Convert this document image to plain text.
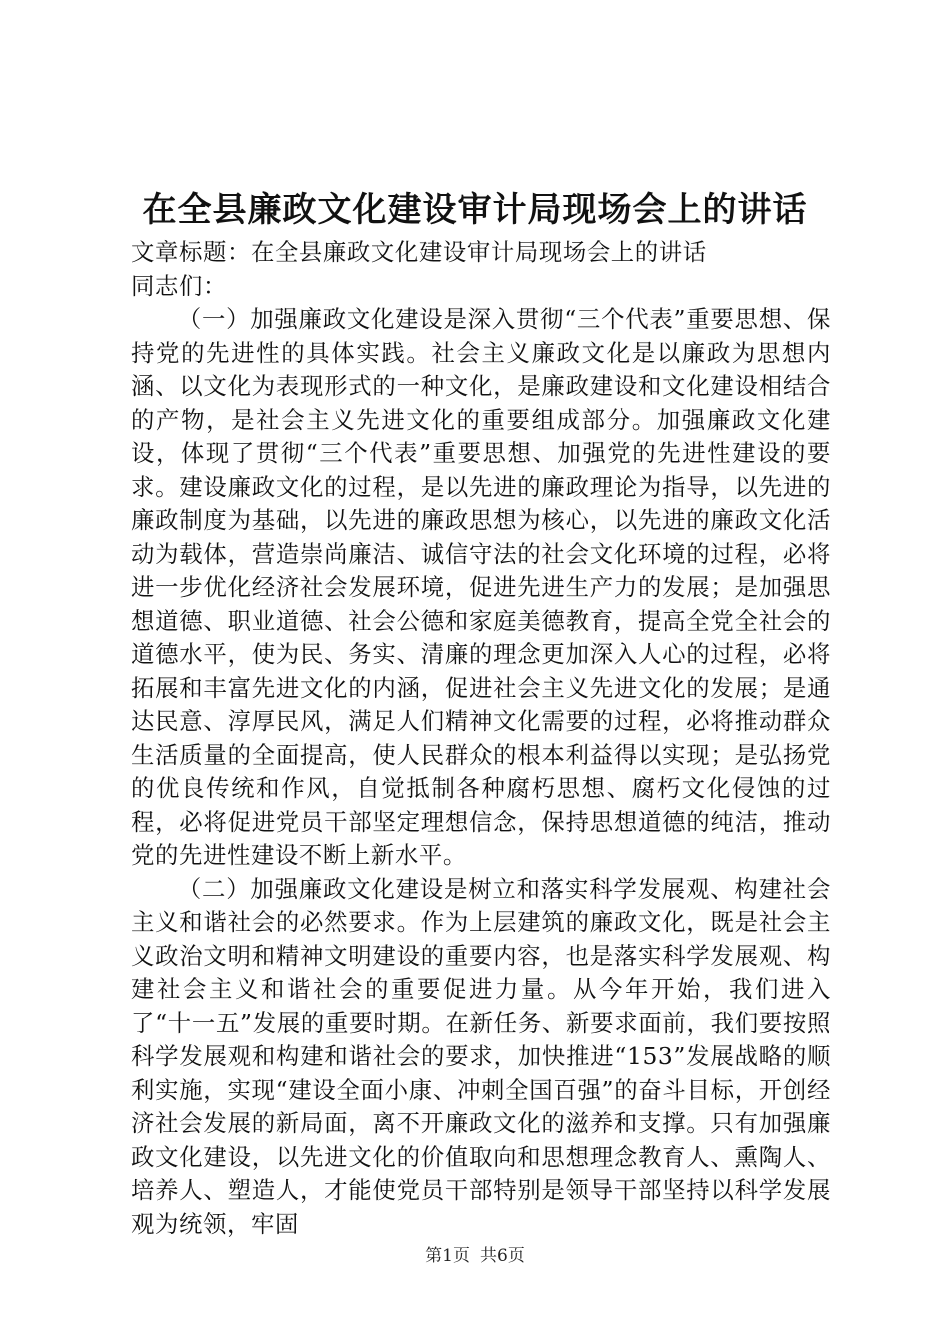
在全县廉政文化建设审计局现场会上的讲话

文章标题：在全县廉政文化建设审计局现场会上的讲话

同志们：

（一）加强廉政文化建设是深入贯彻“三个代表”重要思想、保持党的先进性的具体实践。社会主义廉政文化是以廉政为思想内涵、以文化为表现形式的一种文化，是廉政建设和文化建设相结合的产物，是社会主义先进文化的重要组成部分。加强廉政文化建设，体现了贯彻“三个代表”重要思想、加强党的先进性建设的要求。建设廉政文化的过程，是以先进的廉政理论为指导，以先进的廉政制度为基础，以先进的廉政思想为核心，以先进的廉政文化活动为载体，营造崇尚廉洁、诚信守法的社会文化环境的过程，必将进一步优化经济社会发展环境，促进先进生产力的发展；是加强思想道德、职业道德、社会公德和家庭美德教育，提高全党全社会的道德水平，使为民、务实、清廉的理念更加深入人心的过程，必将拓展和丰富先进文化的内涵，促进社会主义先进文化的发展；是通达民意、淳厚民风，满足人们精神文化需要的过程，必将推动群众生活质量的全面提高，使人民群众的根本利益得以实现；是弘扬党的优良传统和作风，自觉抵制各种腐朽思想、腐朽文化侵蚀的过程，必将促进党员干部坚定理想信念，保持思想道德的纯洁，推动党的先进性建设不断上新水平。

（二）加强廉政文化建设是树立和落实科学发展观、构建社会主义和谐社会的必然要求。作为上层建筑的廉政文化，既是社会主义政治文明和精神文明建设的重要内容，也是落实科学发展观、构建社会主义和谐社会的重要促进力量。从今年开始，我们进入了“十一五”发展的重要时期。在新任务、新要求面前，我们要按照科学发展观和构建和谐社会的要求，加快推进“153”发展战略的顺利实施，实现“建设全面小康、冲刺全国百强”的奋斗目标，开创经济社会发展的新局面，离不开廉政文化的滋养和支撑。只有加强廉政文化建设，以先进文化的价值取向和思想理念教育人、熏陶人、培养人、塑造人，才能使党员干部特别是领导干部坚持以科学发展观为统领，牢固

第1页 共6页
